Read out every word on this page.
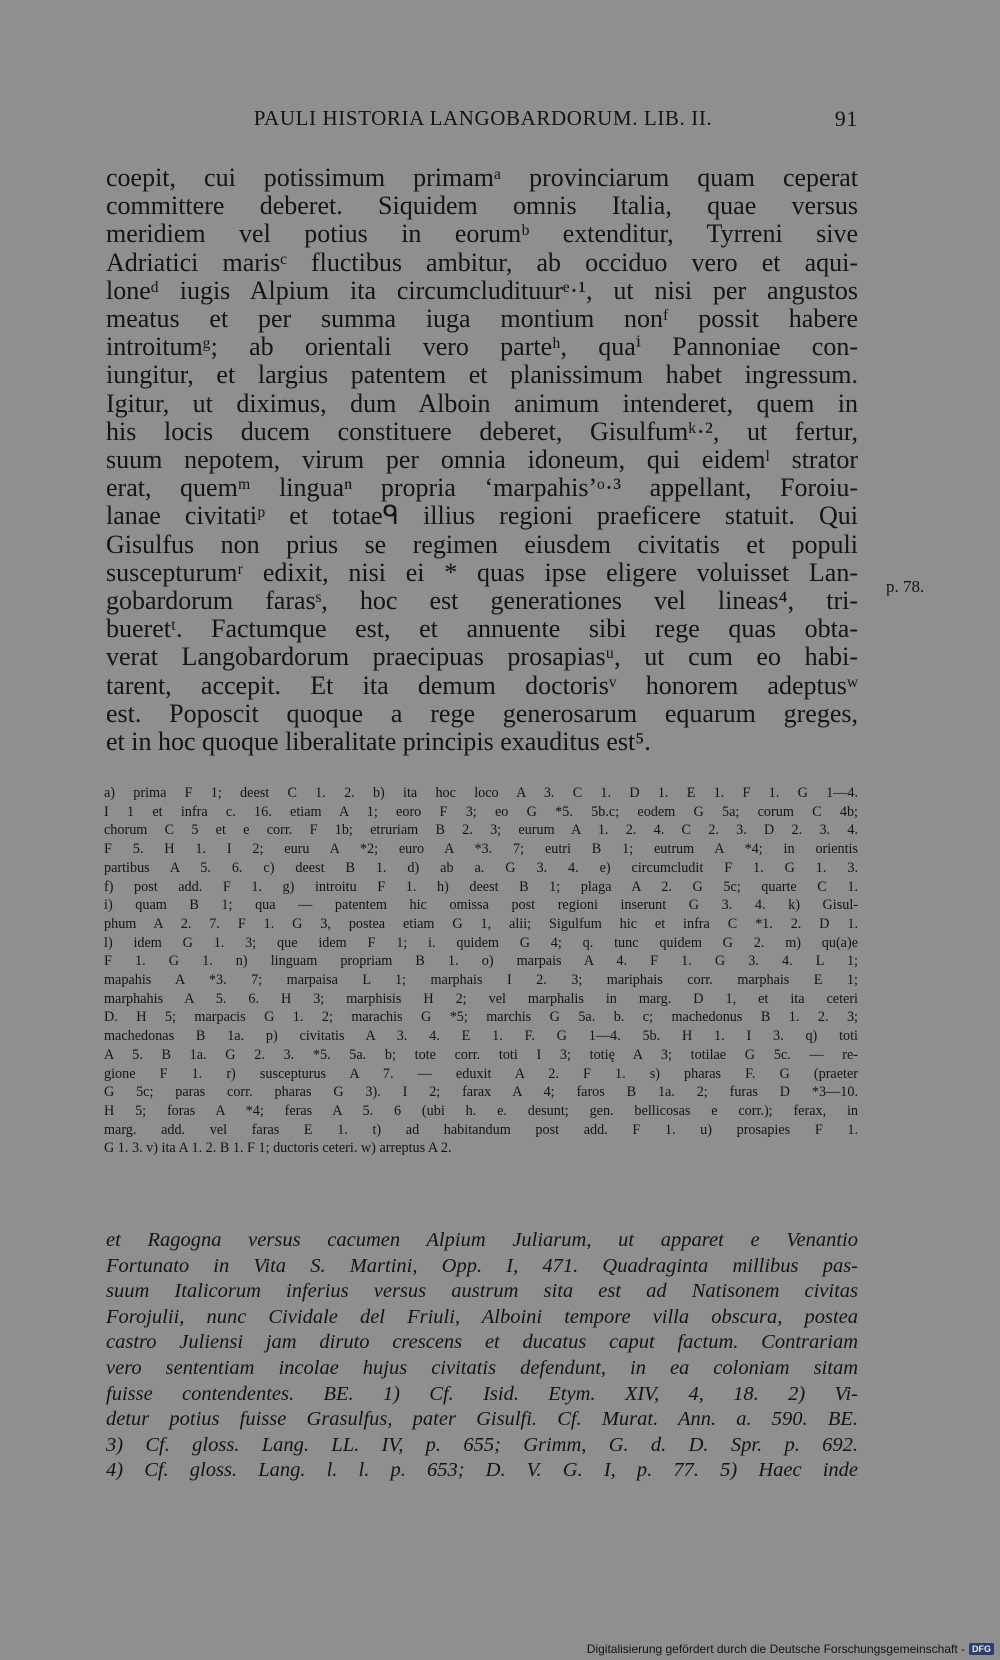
PAULI HISTORIA LANGOBARDORUM. LIB. II.	91
coepit, cui potissimum primamᵃ provinciarum quam ceperat
committere deberet. Siquidem omnis Italia, quae versus
meridiem vel potius in eorumᵇ extenditur, Tyrreni sive
Adriatici marisᶜ fluctibus ambitur, ab occiduo vero et aqui-
loneᵈ iugis Alpium ita circumcludituurᵉ·¹, ut nisi per angustos
meatus et per summa iuga montium nonᶠ possit habere
introitumᵍ; ab orientali vero parteʰ, quaⁱ Pannoniae con-
iungitur, et largius patentem et planissimum habet ingressum.
Igitur, ut diximus, dum Alboin animum intenderet, quem in
his locis ducem constituere deberet, Gisulfumᵏ·², ut fertur,
suum nepotem, virum per omnia idoneum, qui eidemˡ strator
erat, quemᵐ linguaⁿ propria ‘marpahis’ᵒ·³ appellant, Foroiu-
lanae civitatiᵖ et totaeᑫ illius regioni praeficere statuit. Qui
Gisulfus non prius se regimen eiusdem civitatis et populi
suscepturumʳ edixit, nisi ei * quas ipse eligere voluisset Lan-
gobardorum farasˢ, hoc est generationes vel lineas⁴, tri-
bueretᵗ. Factumque est, et annuente sibi rege quas obta-
verat Langobardorum praecipuas prosapiasᵘ, ut cum eo habi-
tarent, accepit. Et ita demum doctorisᵛ honorem adeptusʷ
est. Poposcit quoque a rege generosarum equarum greges,
et in hoc quoque liberalitate principis exauditus est⁵.
p. 78.
a) prima F 1; deest C 1. 2. b) ita hoc loco A 3. C 1. D 1. E 1. F 1. G 1—4.
I 1 et infra c. 16. etiam A 1; eoro F 3; eo G *5. 5b.c; eodem G 5a; corum C 4b;
chorum C 5 et e corr. F 1b; etruriam B 2. 3; eurum A 1. 2. 4. C 2. 3. D 2. 3. 4.
F 5. H 1. I 2; euru A *2; euro A *3. 7; eutri B 1; eutrum A *4; in orientis
partibus A 5. 6. c) deest B 1. d) ab a. G 3. 4. e) circumcludit F 1. G 1. 3.
f) post add. F 1. g) introitu F 1. h) deest B 1; plaga A 2. G 5c; quarte C 1.
i) quam B 1; qua — patentem hic omissa post regioni inserunt G 3. 4. k) Gisul-
phum A 2. 7. F 1. G 3, postea etiam G 1, alii; Sigulfum hic et infra C *1. 2. D 1.
l) idem G 1. 3; que idem F 1; i. quidem G 4; q. tunc quidem G 2. m) qu(a)e
F 1. G 1. n) linguam propriam B 1. o) marpais A 4. F 1. G 3. 4. L 1;
mapahis A *3. 7; marpaisa L 1; marphais I 2. 3; mariphais corr. marphais E 1;
marphahis A 5. 6. H 3; marphisis H 2; vel marphalis in marg. D 1, et ita ceteri
D. H 5; marpacis G 1. 2; marachis G *5; marchis G 5a. b. c; machedonus B 1. 2. 3;
machedonas B 1a. p) civitatis A 3. 4. E 1. F. G 1—4. 5b. H 1. I 3. q) toti
A 5. B 1a. G 2. 3. *5. 5a. b; tote corr. toti I 3; totię A 3; totilae G 5c. — re-
gione F 1. r) suscepturus A 7. — eduxit A 2. F 1. s) pharas F. G (praeter
G 5c; paras corr. pharas G 3). I 2; farax A 4; faros B 1a. 2; furas D *3—10.
H 5; foras A *4; feras A 5. 6 (ubi h. e. desunt; gen. bellicosas e corr.); ferax, in
marg. add. vel faras E 1. t) ad habitandum post add. F 1. u) prosapies F 1.
G 1. 3. v) ita A 1. 2. B 1. F 1; ductoris ceteri. w) arreptus A 2.
et Ragogna versus cacumen Alpium Juliarum, ut apparet e Venantio
Fortunato in Vita S. Martini, Opp. I, 471. Quadraginta millibus pas-
suum Italicorum inferius versus austrum sita est ad Natisonem civitas
Forojulii, nunc Cividale del Friuli, Alboini tempore villa obscura, postea
castro Juliensi jam diruto crescens et ducatus caput factum. Contrariam
vero sententiam incolae hujus civitatis defendunt, in ea coloniam sitam
fuisse contendentes. BE. 1) Cf. Isid. Etym. XIV, 4, 18. 2) Vi-
detur potius fuisse Grasulfus, pater Gisulfi. Cf. Murat. Ann. a. 590. BE.
3) Cf. gloss. Lang. LL. IV, p. 655; Grimm, G. d. D. Spr. p. 692.
4) Cf. gloss. Lang. l. l. p. 653; D. V. G. I, p. 77. 5) Haec inde
Digitalisierung gefördert durch die Deutsche Forschungsgemeinschaft - DFG
